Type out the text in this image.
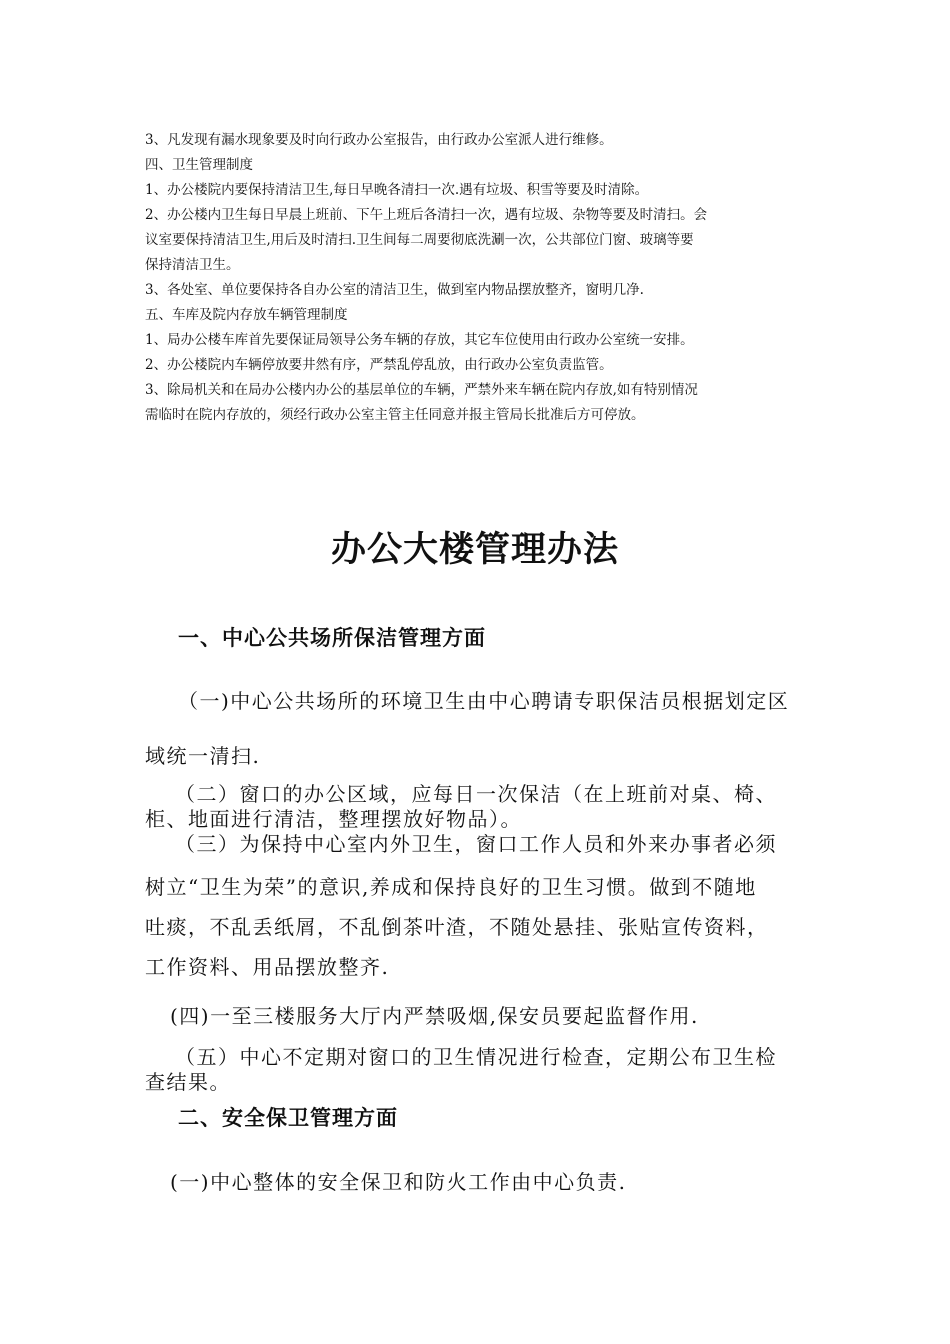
3、凡发现有漏水现象要及时向行政办公室报告，由行政办公室派人进行维修。

四、卫生管理制度

1、办公楼院内要保持清洁卫生,每日早晚各清扫一次.遇有垃圾、积雪等要及时清除。

2、办公楼内卫生每日早晨上班前、下午上班后各清扫一次，遇有垃圾、杂物等要及时清扫。会

议室要保持清洁卫生,用后及时清扫.卫生间每二周要彻底洗涮一次，公共部位门窗、玻璃等要

保持清洁卫生。

3、各处室、单位要保持各自办公室的清洁卫生，做到室内物品摆放整齐，窗明几净.

五、车库及院内存放车辆管理制度

1、局办公楼车库首先要保证局领导公务车辆的存放，其它车位使用由行政办公室统一安排。

2、办公楼院内车辆停放要井然有序，严禁乱停乱放，由行政办公室负责监管。

3、除局机关和在局办公楼内办公的基层单位的车辆，严禁外来车辆在院内存放,如有特别情况

需临时在院内存放的，须经行政办公室主管主任同意并报主管局长批准后方可停放。

办公大楼管理办法
一、中心公共场所保洁管理方面
（一)中心公共场所的环境卫生由中心聘请专职保洁员根据划定区
域统一清扫.
（二）窗口的办公区域，应每日一次保洁（在上班前对桌、椅、
柜、地面进行清洁，整理摆放好物品）。
（三）为保持中心室内外卫生，窗口工作人员和外来办事者必须
树立“卫生为荣”的意识,养成和保持良好的卫生习惯。做到不随地
吐痰，不乱丢纸屑，不乱倒茶叶渣，不随处悬挂、张贴宣传资料，
工作资料、用品摆放整齐.
(四)一至三楼服务大厅内严禁吸烟,保安员要起监督作用.
（五）中心不定期对窗口的卫生情况进行检查，定期公布卫生检
查结果。
二、安全保卫管理方面
(一)中心整体的安全保卫和防火工作由中心负责.
